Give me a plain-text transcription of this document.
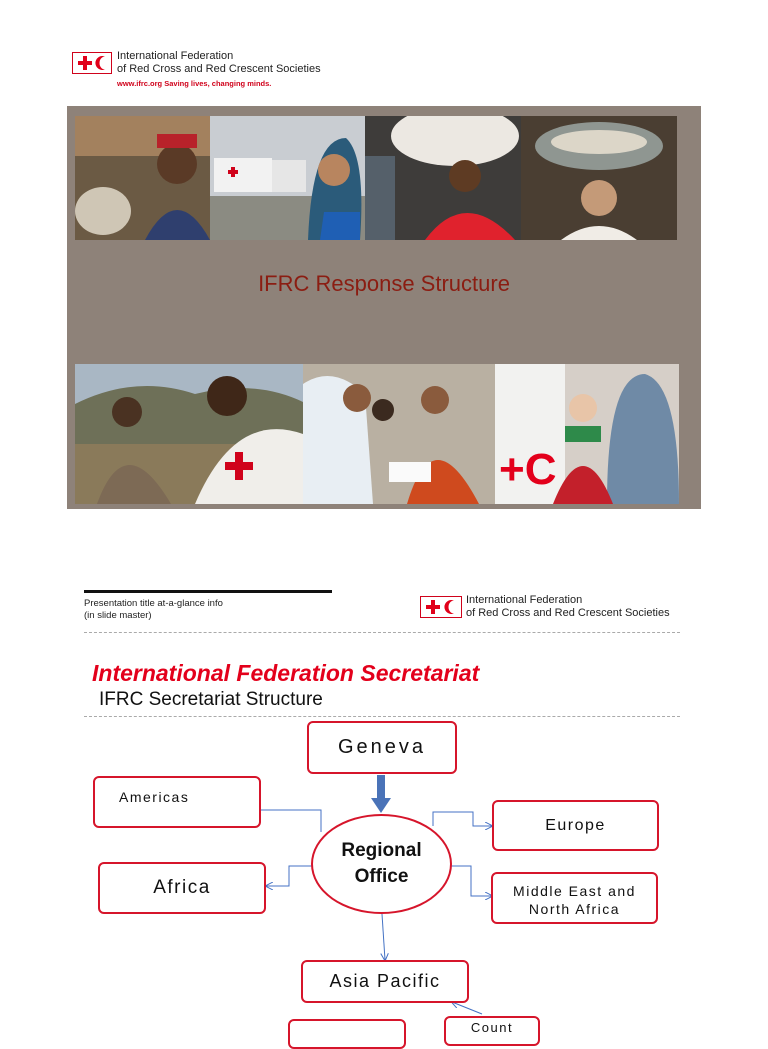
International Federation
of Red Cross and Red Crescent Societies
www.ifrc.org Saving lives, changing minds.
IFRC Response Structure
+C
Presentation title at-a-glance info
(in slide master)
International Federation
of Red Cross and Red Crescent Societies
International Federation Secretariat
IFRC Secretariat Structure
Geneva
Americas
Africa
Regional
Office
Europe
Middle East and
North Africa
Asia Pacific
Count
